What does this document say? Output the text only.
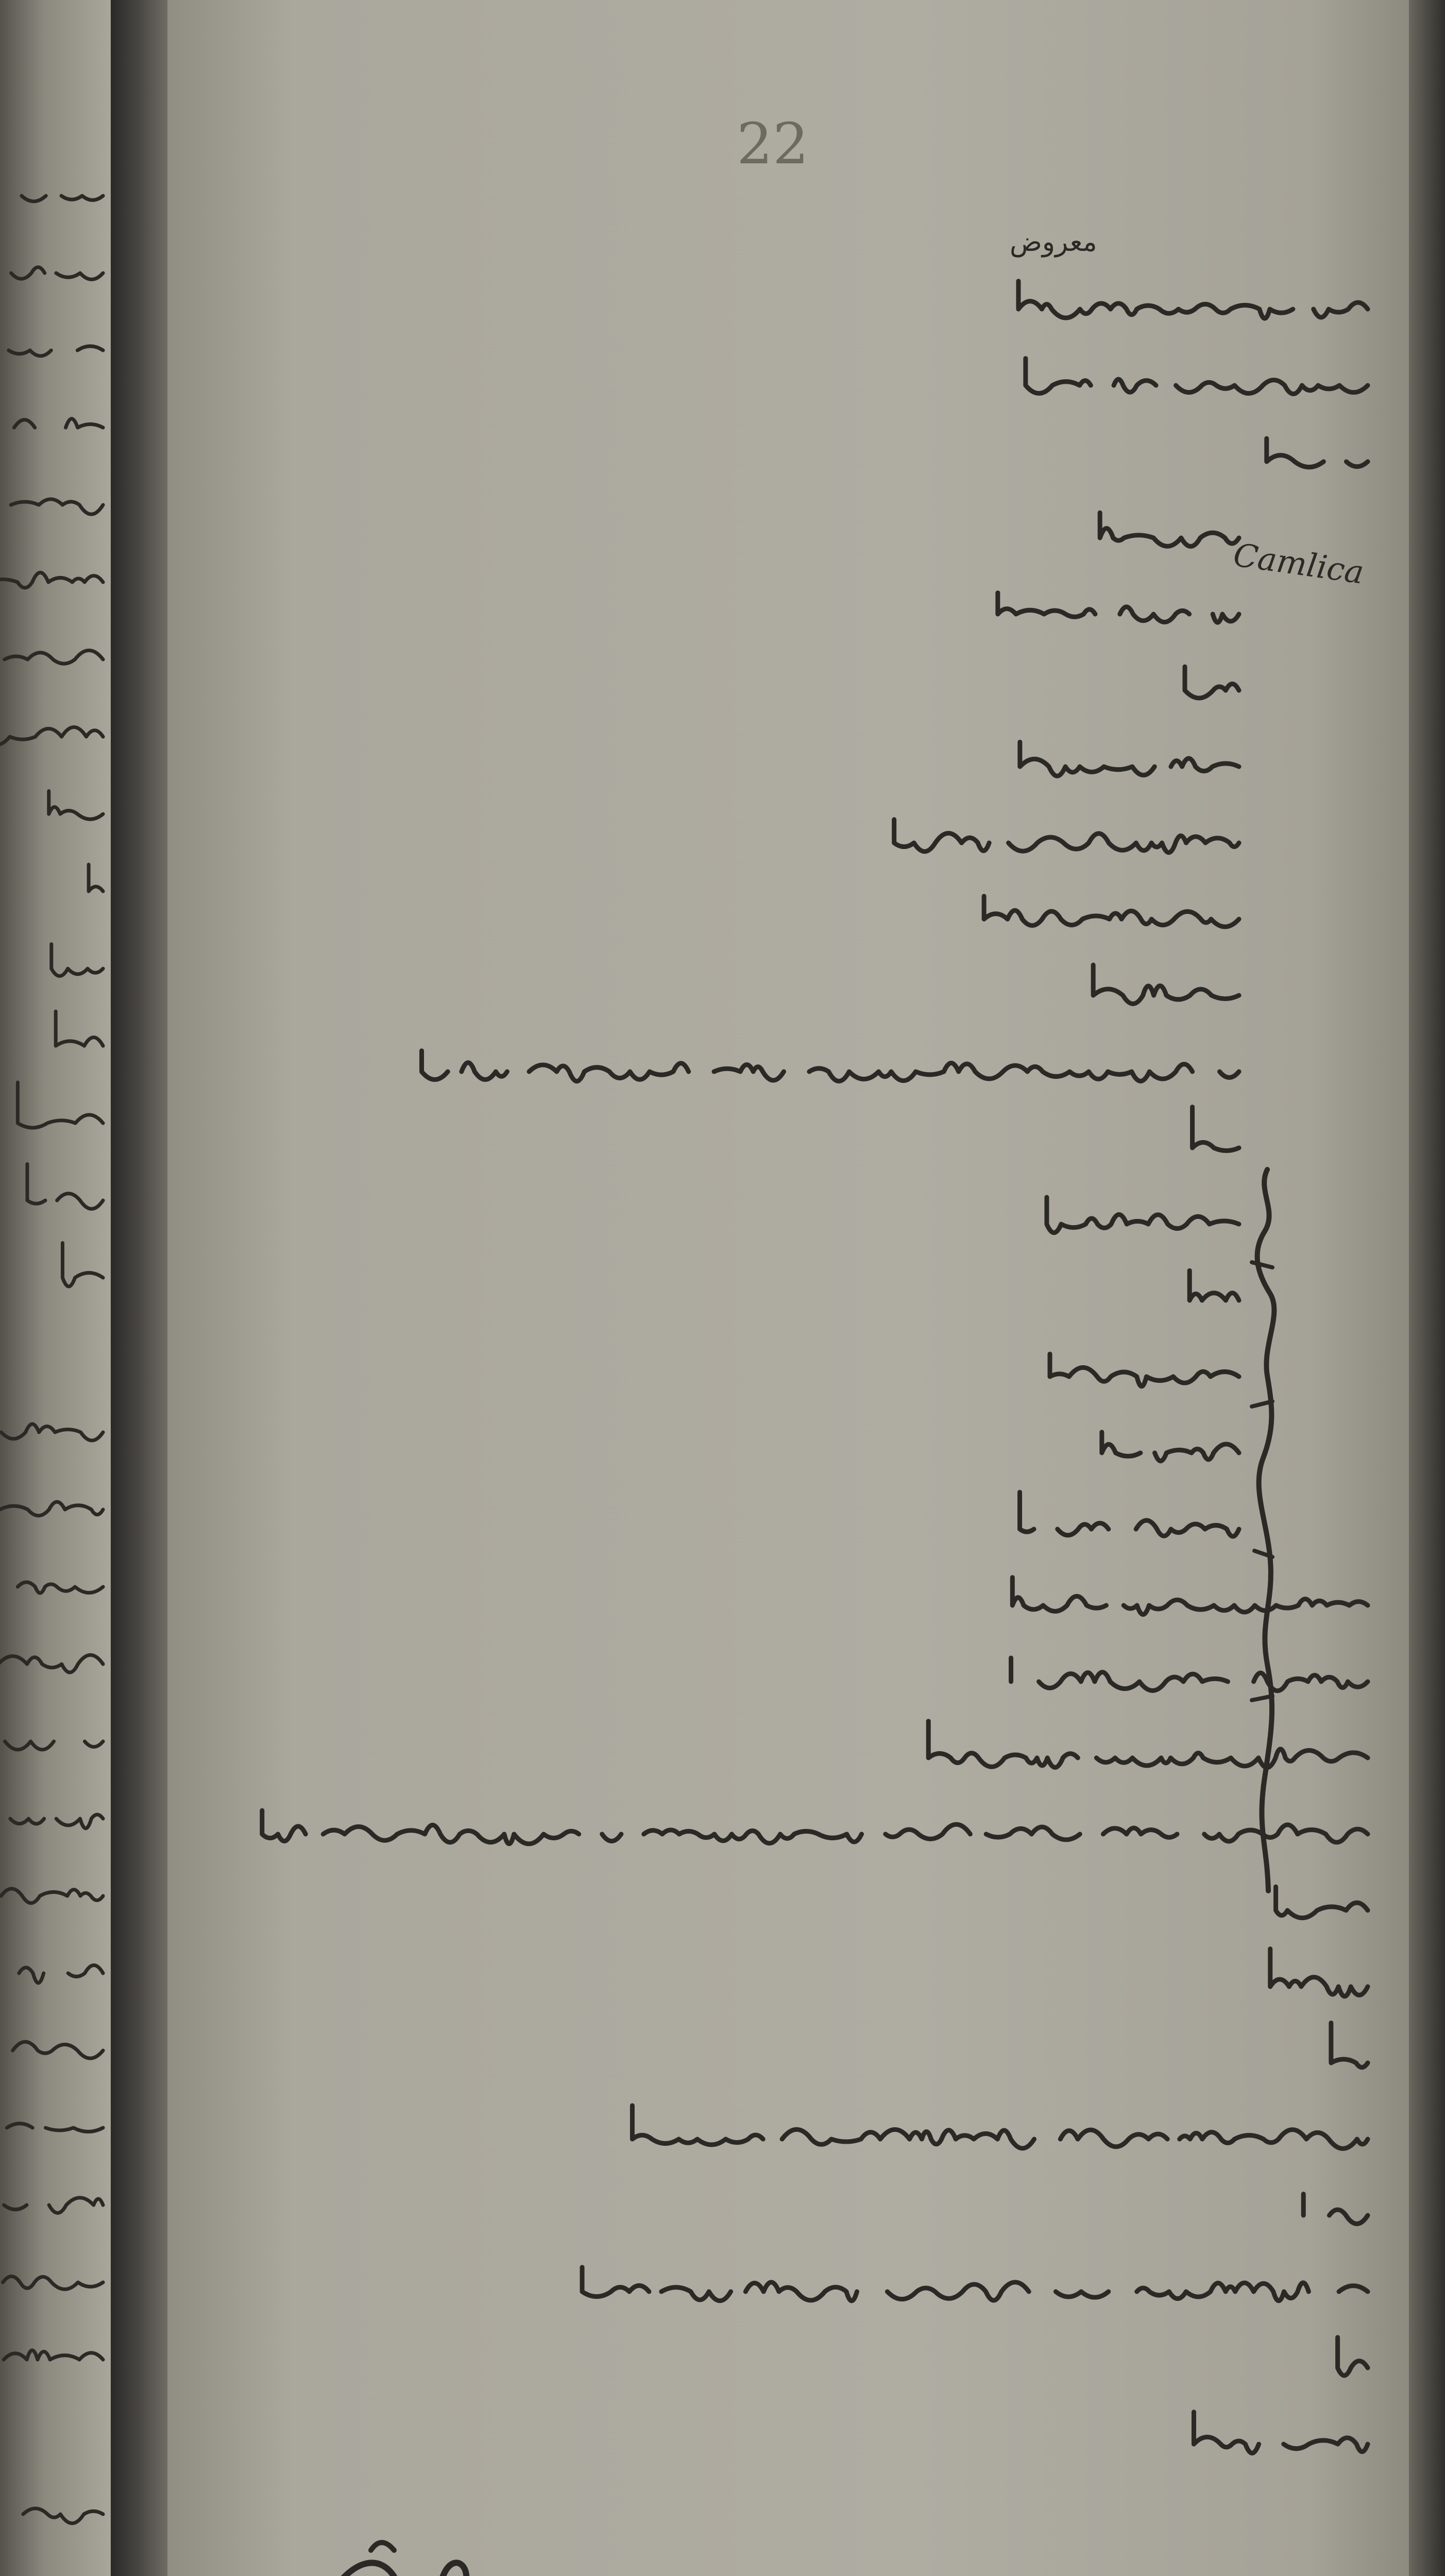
22
معروض
Camlica
